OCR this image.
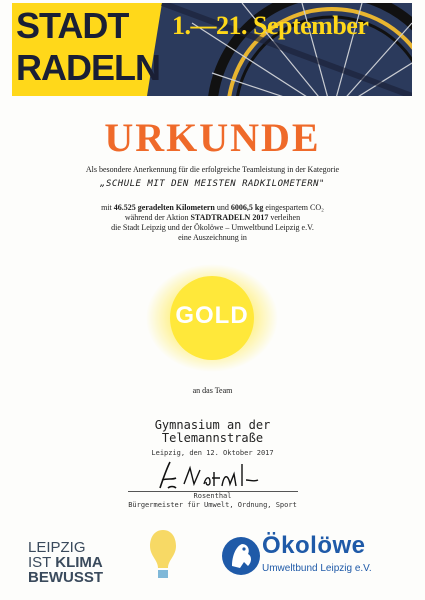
STADT
RADELN
1.—21. September
URKUNDE
Als besondere Anerkennung für die erfolgreiche Teamleistung in der Kategorie
„SCHULE MIT DEN MEISTEN RADKILOMETERN"
mit 46.525 geradelten Kilometern und 6006,5 kg eingespartem CO₂
während der Aktion STADTRADELN 2017 verleihen
die Stadt Leipzig und der Ökolöwe – Umweltbund Leipzig e.V.
eine Auszeichnung in
GOLD
an das Team
Gymnasium an der
Telemannstraße
Leipzig, den 12. Oktober 2017
Rosenthal
Bürgermeister für Umwelt, Ordnung, Sport
LEIPZIG
IST KLIMA
BEWUSST
Ökolöwe
Umweltbund Leipzig e.V.
